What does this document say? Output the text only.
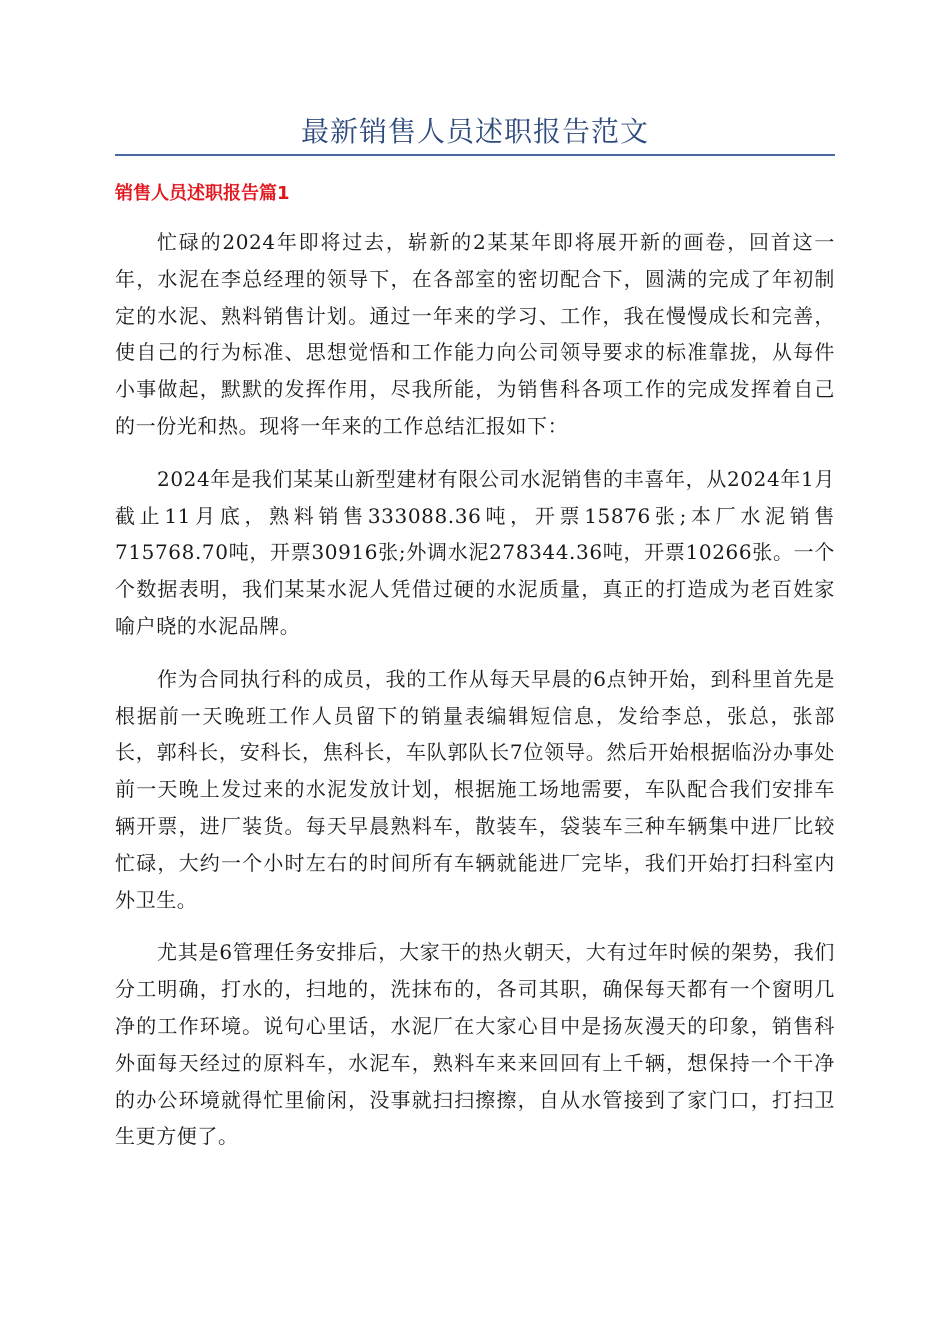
最新销售人员述职报告范文
销售人员述职报告篇1

忙碌的2024年即将过去，崭新的2某某年即将展开新的画卷，回首这一年，水泥在李总经理的领导下，在各部室的密切配合下，圆满的完成了年初制定的水泥、熟料销售计划。通过一年来的学习、工作，我在慢慢成长和完善，使自己的行为标准、思想觉悟和工作能力向公司领导要求的标准靠拢，从每件小事做起，默默的发挥作用，尽我所能，为销售科各项工作的完成发挥着自己的一份光和热。现将一年来的工作总结汇报如下：

2024年是我们某某山新型建材有限公司水泥销售的丰喜年，从2024年1月截止11月底，熟料销售333088.36吨，开票15876张;本厂水泥销售715768.70吨，开票30916张;外调水泥278344.36吨，开票10266张。一个个数据表明，我们某某水泥人凭借过硬的水泥质量，真正的打造成为老百姓家喻户晓的水泥品牌。

作为合同执行科的成员，我的工作从每天早晨的6点钟开始，到科里首先是根据前一天晚班工作人员留下的销量表编辑短信息，发给李总，张总，张部长，郭科长，安科长，焦科长，车队郭队长7位领导。然后开始根据临汾办事处前一天晚上发过来的水泥发放计划，根据施工场地需要，车队配合我们安排车辆开票，进厂装货。每天早晨熟料车，散装车，袋装车三种车辆集中进厂比较忙碌，大约一个小时左右的时间所有车辆就能进厂完毕，我们开始打扫科室内外卫生。

尤其是6管理任务安排后，大家干的热火朝天，大有过年时候的架势，我们分工明确，打水的，扫地的，洗抹布的，各司其职，确保每天都有一个窗明几净的工作环境。说句心里话，水泥厂在大家心目中是扬灰漫天的印象，销售科外面每天经过的原料车，水泥车，熟料车来来回回有上千辆，想保持一个干净的办公环境就得忙里偷闲，没事就扫扫擦擦，自从水管接到了家门口，打扫卫生更方便了。
